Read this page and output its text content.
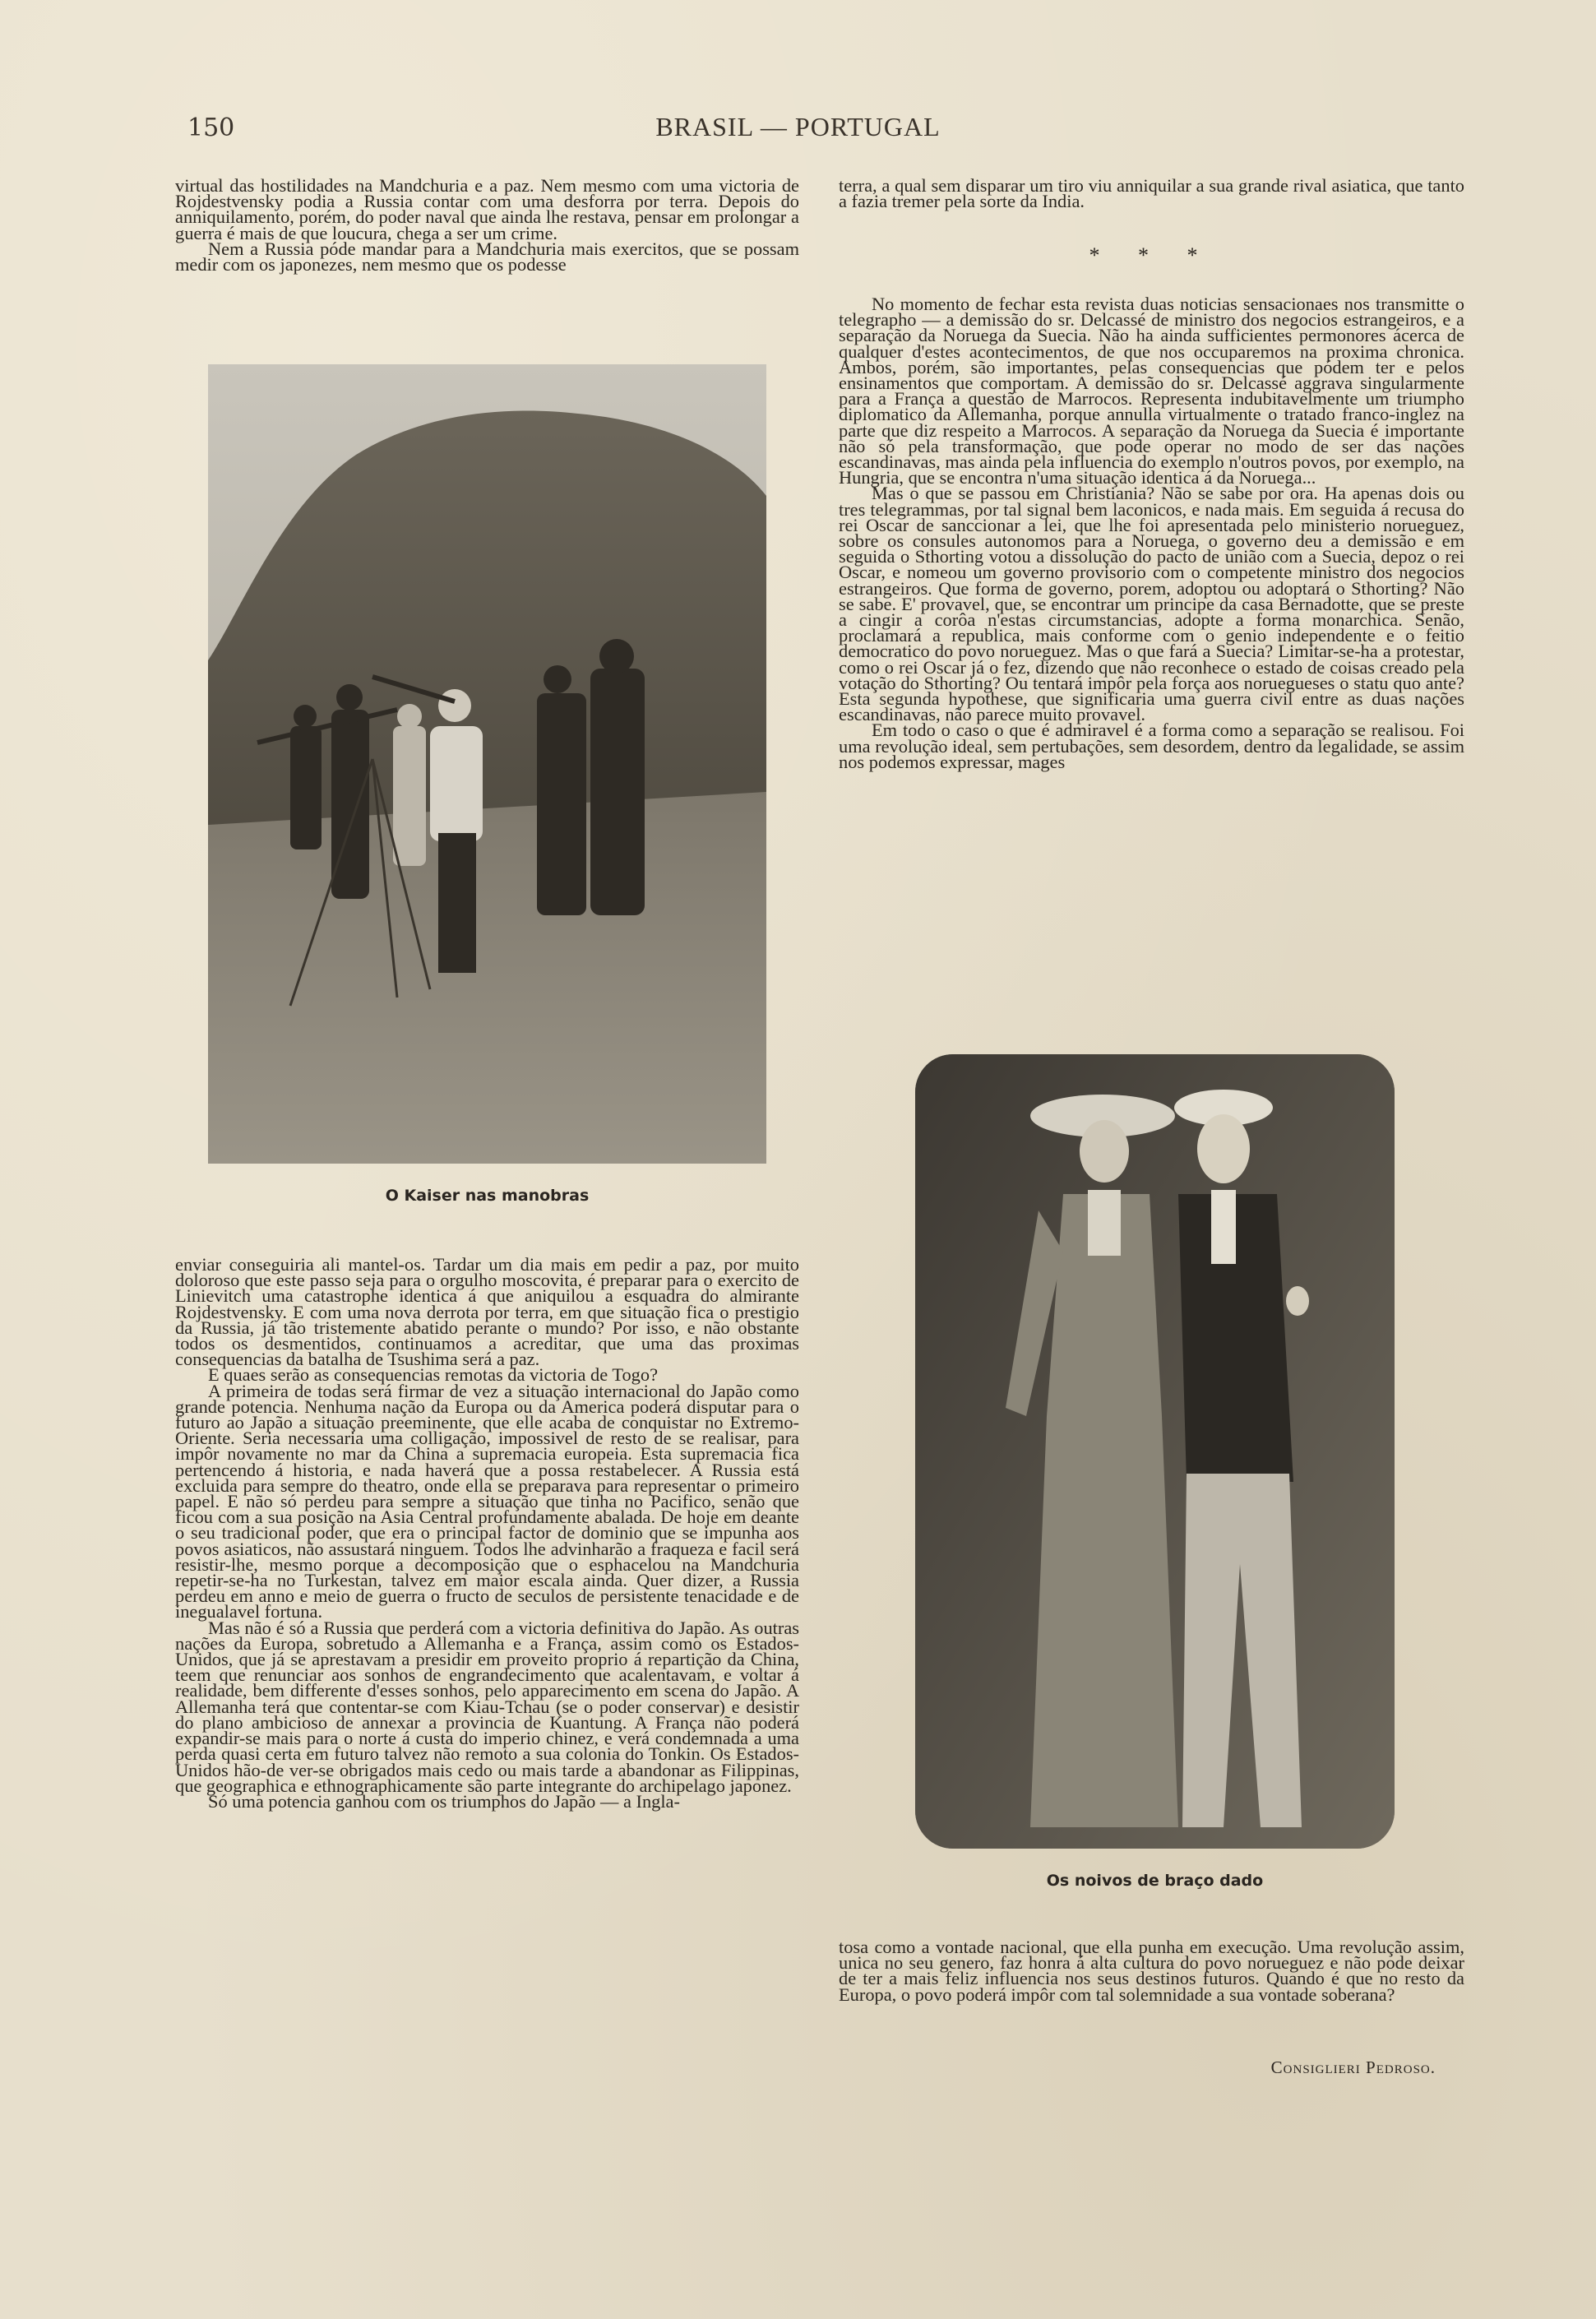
150	BRASIL — PORTUGAL

virtual das hostilidades na Mandchuria e a paz. Nem mesmo com uma victoria de Rojdestvensky podia a Russia contar com uma desforra por terra. Depois do anniquilamento, porém, do poder naval que ainda lhe restava, pensar em prolongar a guerra é mais de que loucura, chega a ser um crime.

Nem a Russia póde mandar para a Mandchuria mais exercitos, que se possam medir com os japonezes, nem mesmo que os podesse

O Kaiser nas manobras

enviar conseguiria ali mantel-os. Tardar um dia mais em pedir a paz, por muito doloroso que este passo seja para o orgulho moscovita, é preparar para o exercito de Linievitch uma catastrophe identica á que aniquilou a esquadra do almirante Rojdestvensky. E com uma nova derrota por terra, em que situação fica o prestigio da Russia, já tão tristemente abatido perante o mundo? Por isso, e não obstante todos os desmentidos, continuamos a acreditar, que uma das proximas consequencias da batalha de Tsushima será a paz.

E quaes serão as consequencias remotas da victoria de Togo?

A primeira de todas será firmar de vez a situação internacional do Japão como grande potencia. Nenhuma nação da Europa ou da America poderá disputar para o futuro ao Japão a situação preeminente, que elle acaba de conquistar no Extremo-Oriente. Seria necessaria uma colligação, impossivel de resto de se realisar, para impôr novamente no mar da China a supremacia europeia. Esta supremacia fica pertencendo á historia, e nada haverá que a possa restabelecer. A Russia está excluida para sempre do theatro, onde ella se preparava para representar o primeiro papel. E não só perdeu para sempre a situação que tinha no Pacifico, senão que ficou com a sua posição na Asia Central profundamente abalada. De hoje em deante o seu tradicional poder, que era o principal factor de dominio que se impunha aos povos asiaticos, não assustará ninguem. Todos lhe advinharão a fraqueza e facil será resistir-lhe, mesmo porque a decomposição que o esphacelou na Mandchuria repetir-se-ha no Turkestan, talvez em maior escala ainda. Quer dizer, a Russia perdeu em anno e meio de guerra o fructo de seculos de persistente tenacidade e de inegualavel fortuna.

Mas não é só a Russia que perderá com a victoria definitiva do Japão. As outras nações da Europa, sobretudo a Allemanha e a França, assim como os Estados-Unidos, que já se aprestavam a presidir em proveito proprio á repartição da China, teem que renunciar aos sonhos de engrandecimento que acalentavam, e voltar á realidade, bem differente d'esses sonhos, pelo apparecimento em scena do Japão. A Allemanha terá que contentar-se com Kiau-Tchau (se o poder conservar) e desistir do plano ambicioso de annexar a provincia de Kuantung. A França não poderá expandir-se mais para o norte á custa do imperio chinez, e verá condemnada a uma perda quasi certa em futuro talvez não remoto a sua colonia do Tonkin. Os Estados-Unidos hão-de ver-se obrigados mais cedo ou mais tarde a abandonar as Filippinas, que geographica e ethnographicamente são parte integrante do archipelago japonez.

Só uma potencia ganhou com os triumphos do Japão — a Ingla-

terra, a qual sem disparar um tiro viu anniquilar a sua grande rival asiatica, que tanto a fazia tremer pela sorte da India.

* * *

No momento de fechar esta revista duas noticias sensacionaes nos transmitte o telegrapho — a demissão do sr. Delcassé de ministro dos negocios estrangeiros, e a separação da Noruega da Suecia. Não ha ainda sufficientes permonores ácerca de qualquer d'estes acontecimentos, de que nos occuparemos na proxima chronica. Ambos, porém, são importantes, pelas consequencias que pódem ter e pelos ensinamentos que comportam. A demissão do sr. Delcassé aggrava singularmente para a França a questão de Marrocos. Representa indubitavelmente um triumpho diplomatico da Allemanha, porque annulla virtualmente o tratado franco-inglez na parte que diz respeito a Marrocos. A separação da Noruega da Suecia é importante não só pela transformação, que pode operar no modo de ser das nações escandinavas, mas ainda pela influencia do exemplo n'outros povos, por exemplo, na Hungria, que se encontra n'uma situação identica á da Noruega...

Mas o que se passou em Christiania? Não se sabe por ora. Ha apenas dois ou tres telegrammas, por tal signal bem laconicos, e nada mais. Em seguida á recusa do rei Oscar de sanccionar a lei, que lhe foi apresentada pelo ministerio norueguez, sobre os consules autonomos para a Noruega, o governo deu a demissão e em seguida o Sthorting votou a dissolução do pacto de união com a Suecia, depoz o rei Oscar, e nomeou um governo provisorio com o competente ministro dos negocios estrangeiros. Que forma de governo, porem, adoptou ou adoptará o Sthorting? Não se sabe. E' provavel, que, se encontrar um principe da casa Bernadotte, que se preste a cingir a corôa n'estas circumstancias, adopte a forma monarchica. Senão, proclamará a republica, mais conforme com o genio independente e o feitio democratico do povo norueguez. Mas o que fará a Suecia? Limitar-se-ha a protestar, como o rei Oscar já o fez, dizendo que não reconhece o estado de coisas creado pela votação do Sthorting? Ou tentará impôr pela força aos noruegueses o statu quo ante? Esta segunda hypothese, que significaria uma guerra civil entre as duas nações escandinavas, não parece muito provavel.

Em todo o caso o que é admiravel é a forma como a separação se realisou. Foi uma revolução ideal, sem pertubações, sem desordem, dentro da legalidade, se assim nos podemos expressar, mages

Os noivos de braço dado

tosa como a vontade nacional, que ella punha em execução. Uma revolução assim, unica no seu genero, faz honra á alta cultura do povo norueguez e não pode deixar de ter a mais feliz influencia nos seus destinos futuros. Quando é que no resto da Europa, o povo poderá impôr com tal solemnidade a sua vontade soberana?

Consiglieri Pedroso.
